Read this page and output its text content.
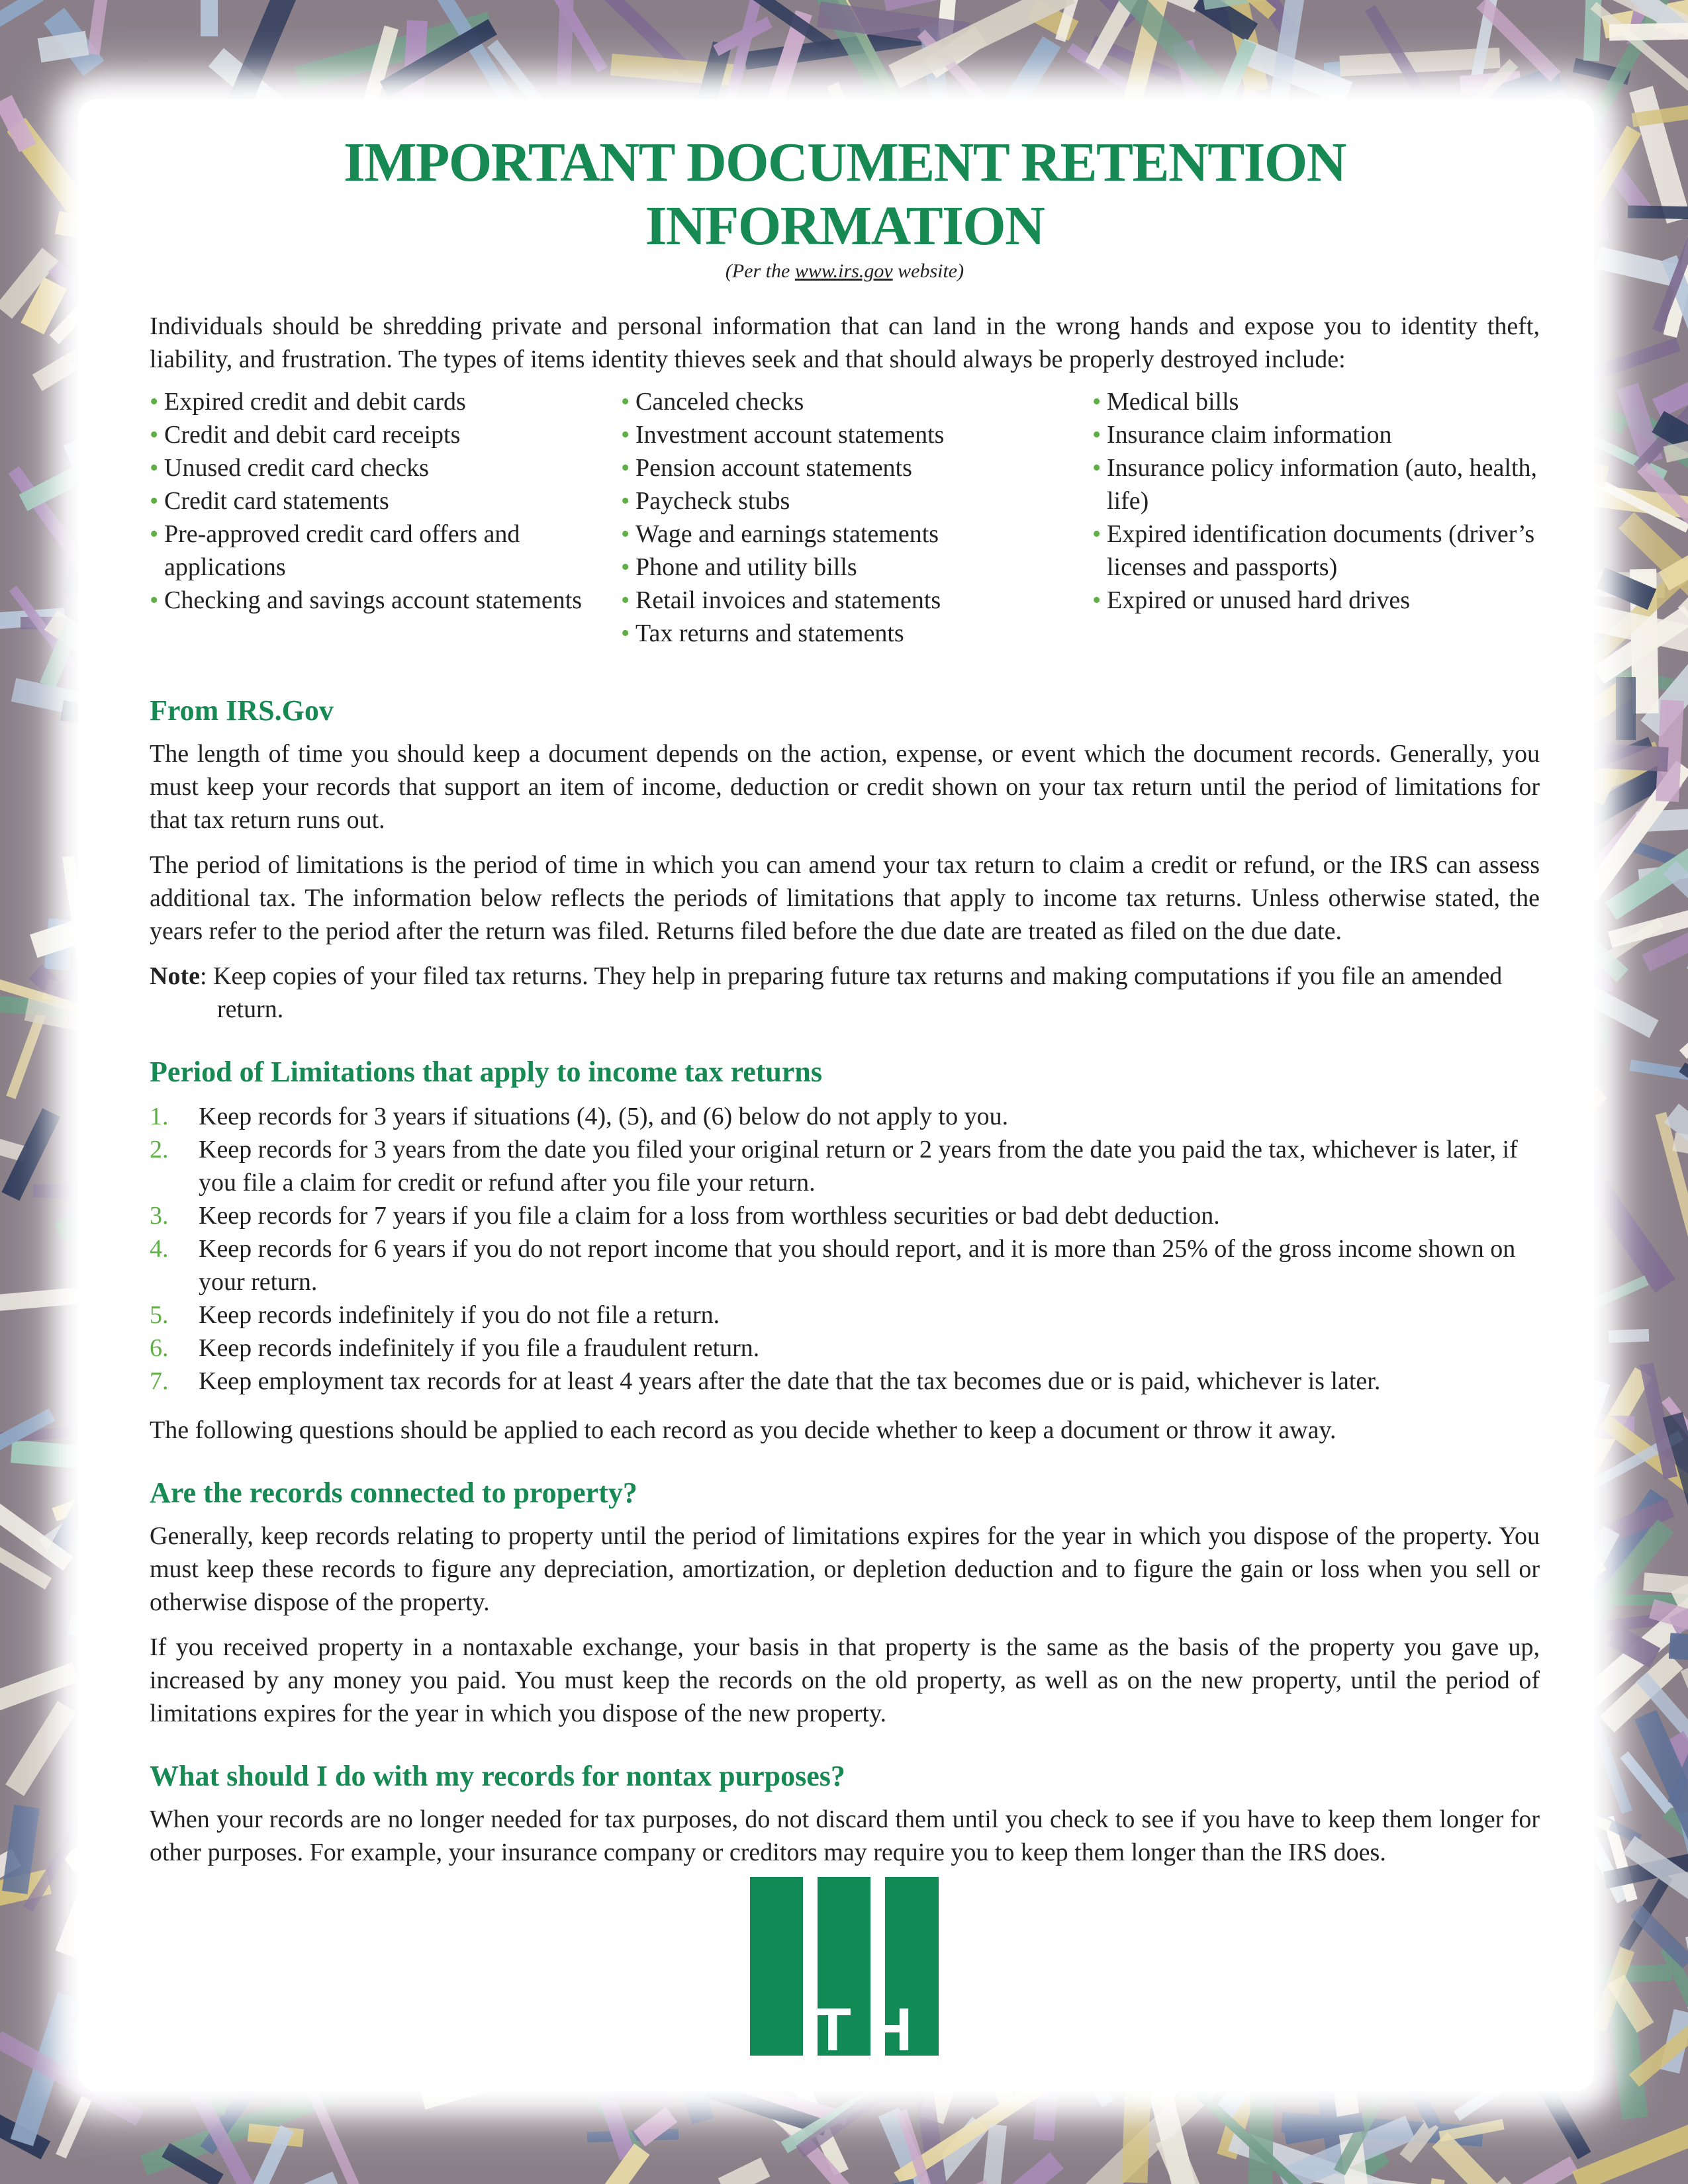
IMPORTANT DOCUMENT RETENTION INFORMATION
(Per the www.irs.gov website)

Individuals should be shredding private and personal information that can land in the wrong hands and expose you to identity theft, liability, and frustration. The types of items identity thieves seek and that should always be properly destroyed include:

• Expired credit and debit cards
• Credit and debit card receipts
• Unused credit card checks
• Credit card statements
• Pre-approved credit card offers and applications
• Checking and savings account statements
• Canceled checks
• Investment account statements
• Pension account statements
• Paycheck stubs
• Wage and earnings statements
• Phone and utility bills
• Retail invoices and statements
• Tax returns and statements
• Medical bills
• Insurance claim information
• Insurance policy information (auto, health, life)
• Expired identification documents (driver’s licenses and passports)
• Expired or unused hard drives
From IRS.Gov

The length of time you should keep a document depends on the action, expense, or event which the document records. Generally, you must keep your records that support an item of income, deduction or credit shown on your tax return until the period of limitations for that tax return runs out.

The period of limitations is the period of time in which you can amend your tax return to claim a credit or refund, or the IRS can assess additional tax. The information below reflects the periods of limitations that apply to income tax returns. Unless otherwise stated, the years refer to the period after the return was filed. Returns filed before the due date are treated as filed on the due date.

Note: Keep copies of your filed tax returns. They help in preparing future tax returns and making computations if you file an amended return.

Period of Limitations that apply to income tax returns
1. Keep records for 3 years if situations (4), (5), and (6) below do not apply to you.
2. Keep records for 3 years from the date you filed your original return or 2 years from the date you paid the tax, whichever is later, if you file a claim for credit or refund after you file your return.
3. Keep records for 7 years if you file a claim for a loss from worthless securities or bad debt deduction.
4. Keep records for 6 years if you do not report income that you should report, and it is more than 25% of the gross income shown on your return.
5. Keep records indefinitely if you do not file a return.
6. Keep records indefinitely if you file a fraudulent return.
7. Keep employment tax records for at least 4 years after the date that the tax becomes due or is paid, whichever is later.

The following questions should be applied to each record as you decide whether to keep a document or throw it away.

Are the records connected to property?

Generally, keep records relating to property until the period of limitations expires for the year in which you dispose of the property. You must keep these records to figure any depreciation, amortization, or depletion deduction and to figure the gain or loss when you sell or otherwise dispose of the property.

If you received property in a nontaxable exchange, your basis in that property is the same as the basis of the property you gave up, increased by any money you paid. You must keep the records on the old property, as well as on the new property, until the period of limitations expires for the year in which you dispose of the new property.

What should I do with my records for nontax purposes?

When your records are no longer needed for tax purposes, do not discard them until you check to see if you have to keep them longer for other purposes. For example, your insurance company or creditors may require you to keep them longer than the IRS does.

TH
